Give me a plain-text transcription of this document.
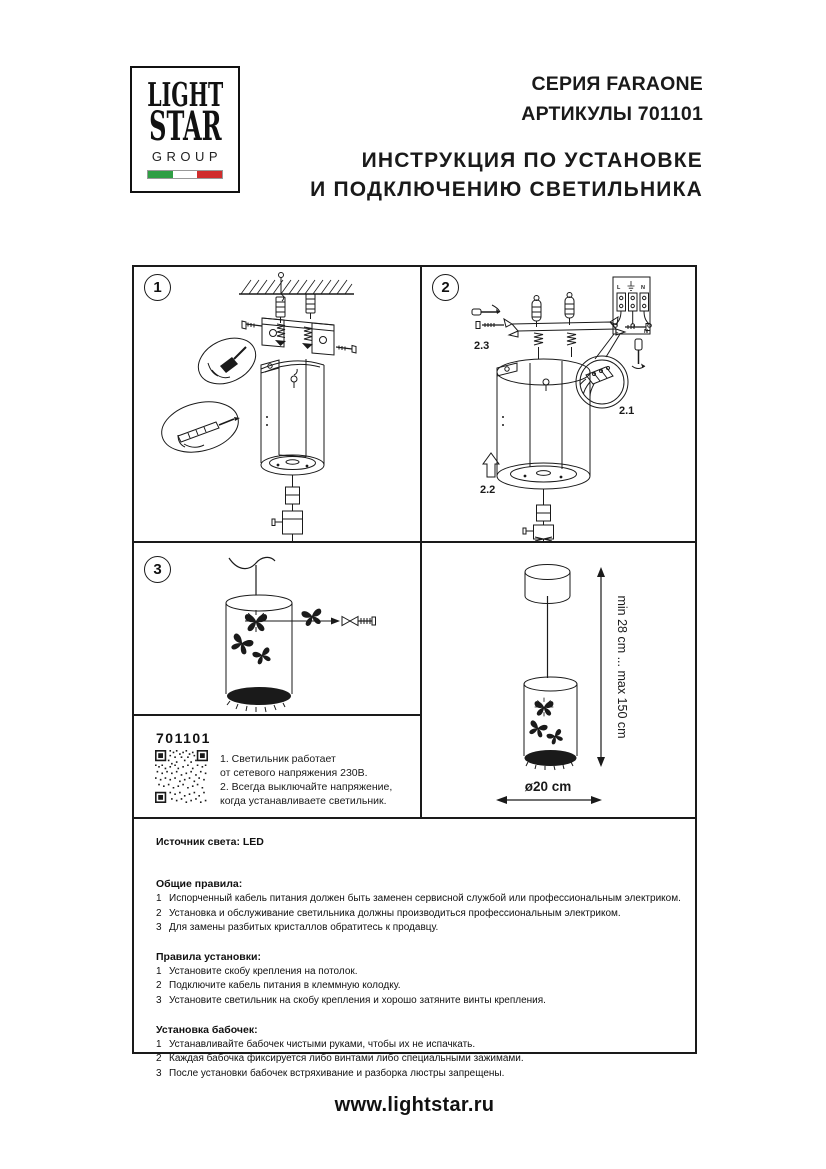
LIGHT
STAR
GROUP
СЕРИЯ FARAONE
АРТИКУЛЫ 701101
ИНСТРУКЦИЯ ПО УСТАНОВКЕ
И ПОДКЛЮЧЕНИЮ СВЕТИЛЬНИКА
1	2
2.3
L	N
L	N
2.1
2.2
3
min 28 cm ... max 150 cm
ø20 cm
701101
1. Светильник работает
от сетевого напряжения 230В.
2. Всегда выключайте напряжение,
когда устанавливаете светильник.
Источник света: LED
Общие правила:
1 Испорченный кабель питания должен быть заменен сервисной службой или профессиональным электриком.
2 Установка и обслуживание светильника должны производиться профессиональным электриком.
3 Для замены разбитых кристаллов обратитесь к продавцу.
Правила установки:
1 Установите скобу крепления на потолок.
2 Подключите кабель питания в клеммную колодку.
3 Установите светильник на скобу крепления и хорошо затяните винты крепления.
Установка бабочек:
1 Устанавливайте бабочек чистыми руками, чтобы их не испачкать.
2 Каждая бабочка фиксируется либо винтами либо специальными зажимами.
3 После установки бабочек встряхивание и разборка люстры запрещены.
www.lightstar.ru
